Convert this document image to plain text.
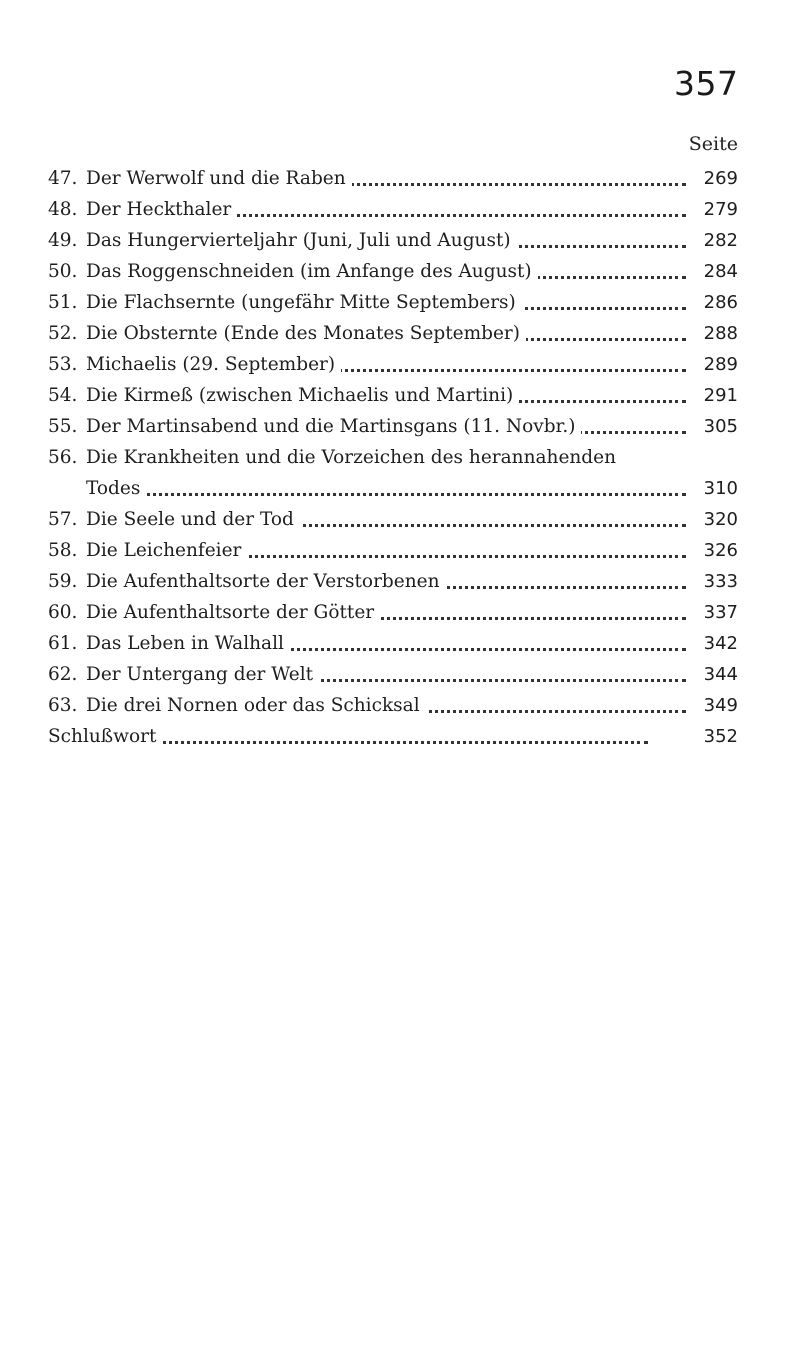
357
Seite
47. Der Werwolf und die Raben	269
48. Der Heckthaler	279
49. Das Hungervierteljahr (Juni, Juli und August)	282
50. Das Roggenschneiden (im Anfange des August)	284
51. Die Flachsernte (ungefähr Mitte Septembers)	286
52. Die Obsternte (Ende des Monates September)	288
53. Michaelis (29. September)	289
54. Die Kirmeß (zwischen Michaelis und Martini)	291
55. Der Martinsabend und die Martinsgans (11. Novbr.)	305
56. Die Krankheiten und die Vorzeichen des herannahenden
Todes	310
57. Die Seele und der Tod	320
58. Die Leichenfeier	326
59. Die Aufenthaltsorte der Verstorbenen	333
60. Die Aufenthaltsorte der Götter	337
61. Das Leben in Walhall	342
62. Der Untergang der Welt	344
63. Die drei Nornen oder das Schicksal	349
Schlußwort	352
